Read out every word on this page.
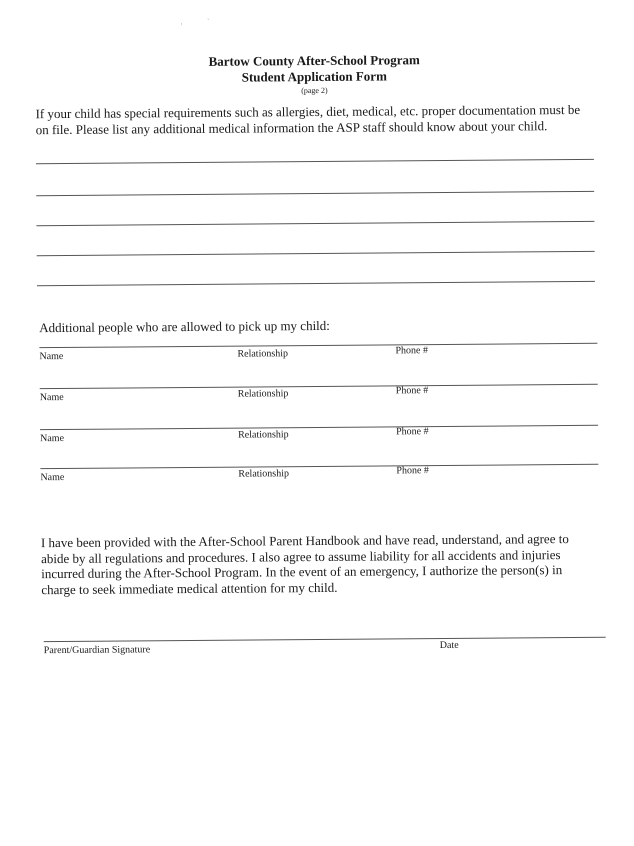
Bartow County After-School Program
Student Application Form
(page 2)
If your child has special requirements such as allergies, diet, medical, etc. proper documentation must be on file. Please list any additional medical information the ASP staff should know about your child.
Additional people who are allowed to pick up my child:
Name	Relationship	Phone #
Name	Relationship	Phone #
Name	Relationship	Phone #
Name	Relationship	Phone #
I have been provided with the After-School Parent Handbook and have read, understand, and agree to abide by all regulations and procedures. I also agree to assume liability for all accidents and injuries incurred during the After-School Program. In the event of an emergency, I authorize the person(s) in charge to seek immediate medical attention for my child.
Parent/Guardian Signature	Date
'	`
